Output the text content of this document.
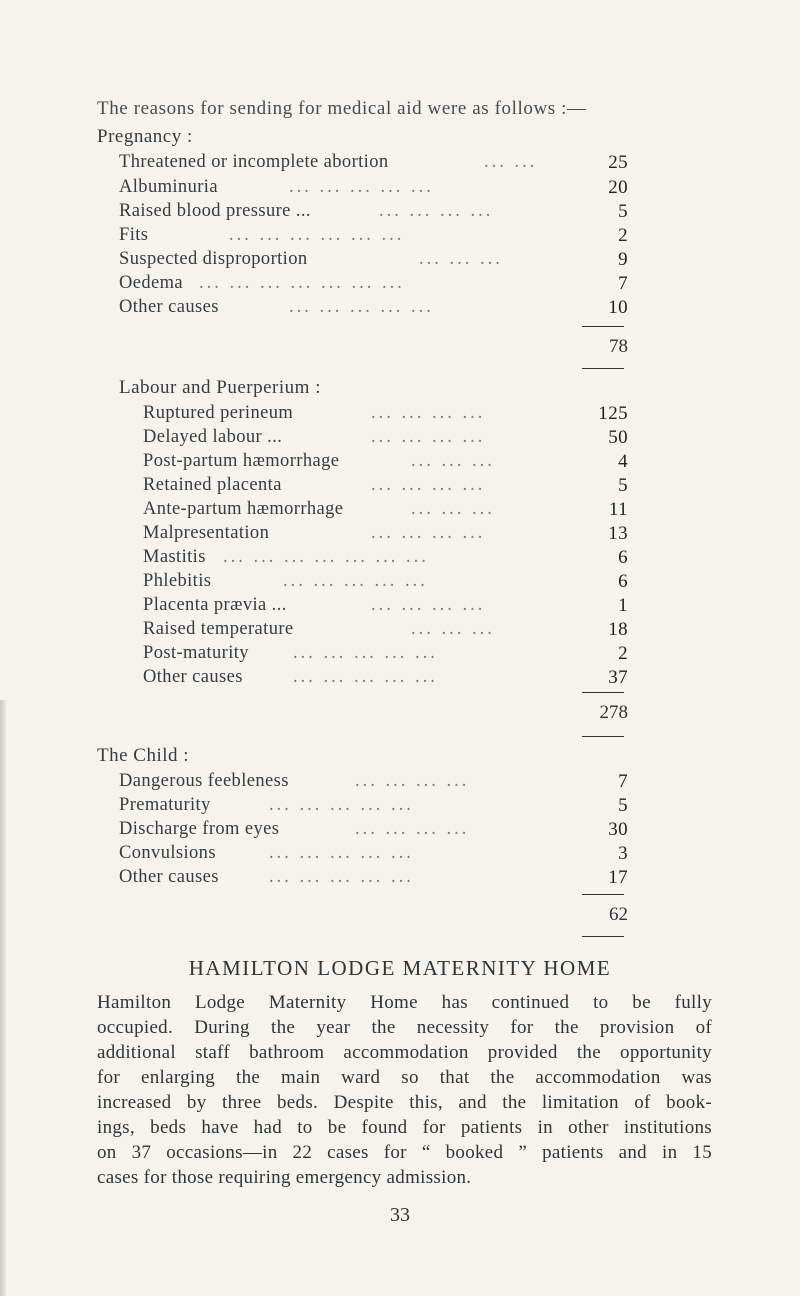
The reasons for sending for medical aid were as follows :—
Pregnancy :
Threatened or incomplete abortion	... ...	25
Albuminuria	... ... ... ... ...	20
Raised blood pressure ...	... ... ... ...	5
Fits	... ... ... ... ... ...	2
Suspected disproportion	... ... ...	9
Oedema ... ... ... ... ... ... ...	7
Other causes	... ... ... ... ...	10
78
Labour and Puerperium :
Ruptured perineum	... ... ... ...	125
Delayed labour ...	... ... ... ...	50
Post-partum hæmorrhage	... ... ...	4
Retained placenta	... ... ... ...	5
Ante-partum hæmorrhage	... ... ...	11
Malpresentation	... ... ... ...	13
Mastitis ... ... ... ... ... ... ...	6
Phlebitis	... ... ... ... ...	6
Placenta prævia ...	... ... ... ...	1
Raised temperature	... ... ...	18
Post-maturity ... ... ... ... ...	2
Other causes	... ... ... ... ...	37
278
The Child :
Dangerous feebleness	... ... ... ...	7
Prematurity	... ... ... ... ...	5
Discharge from eyes	... ... ... ...	30
Convulsions	... ... ... ... ...	3
Other causes	... ... ... ... ...	17
62
HAMILTON LODGE MATERNITY HOME
Hamilton Lodge Maternity Home has continued to be fully
occupied. During the year the necessity for the provision of
additional staff bathroom accommodation provided the opportunity
for enlarging the main ward so that the accommodation was
increased by three beds. Despite this, and the limitation of book-
ings, beds have had to be found for patients in other institutions
on 37 occasions—in 22 cases for “ booked ” patients and in 15
cases for those requiring emergency admission.
33
